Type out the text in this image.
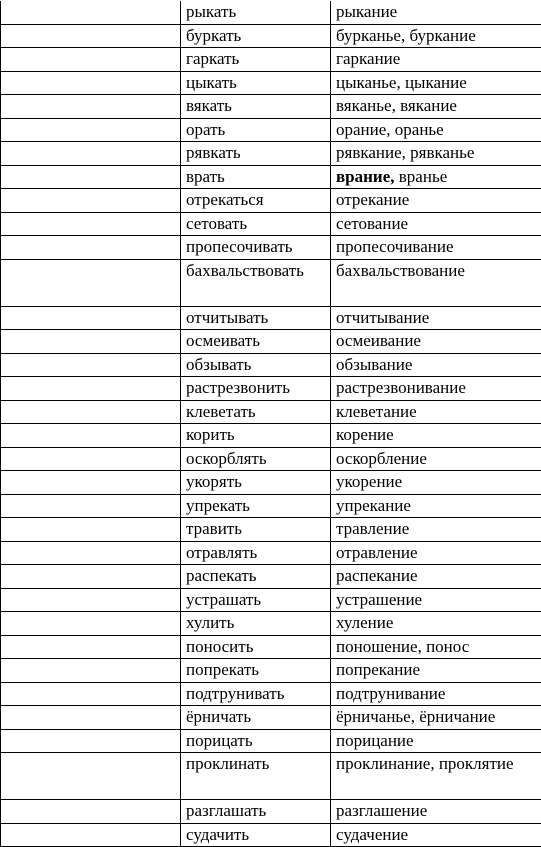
	рыкать	рыкание
	буркать	бурканье, буркание
	гаркать	гаркание
	цыкать	цыканье, цыкание
	вякать	вяканье, вякание
	орать	орание, оранье
	рявкать	рявкание, рявканье
	врать	врание, вранье
	отрекаться	отрекание
	сетовать	сетование
	пропесочивать	пропесочивание
	бахвальствовать	бахвальствование
	отчитывать	отчитывание
	осмеивать	осмеивание
	обзывать	обзывание
	растрезвонить	растрезвонивание
	клеветать	клеветание
	корить	корение
	оскорблять	оскорбление
	укорять	укорение
	упрекать	упрекание
	травить	травление
	отравлять	отравление
	распекать	распекание
	устрашать	устрашение
	хулить	хуление
	поносить	поношение, понос
	попрекать	попрекание
	подтрунивать	подтрунивание
	ёрничать	ёрничанье, ёрничание
	порицать	порицание
	проклинать	проклинание, проклятие
	разглашать	разглашение
	судачить	судачение
